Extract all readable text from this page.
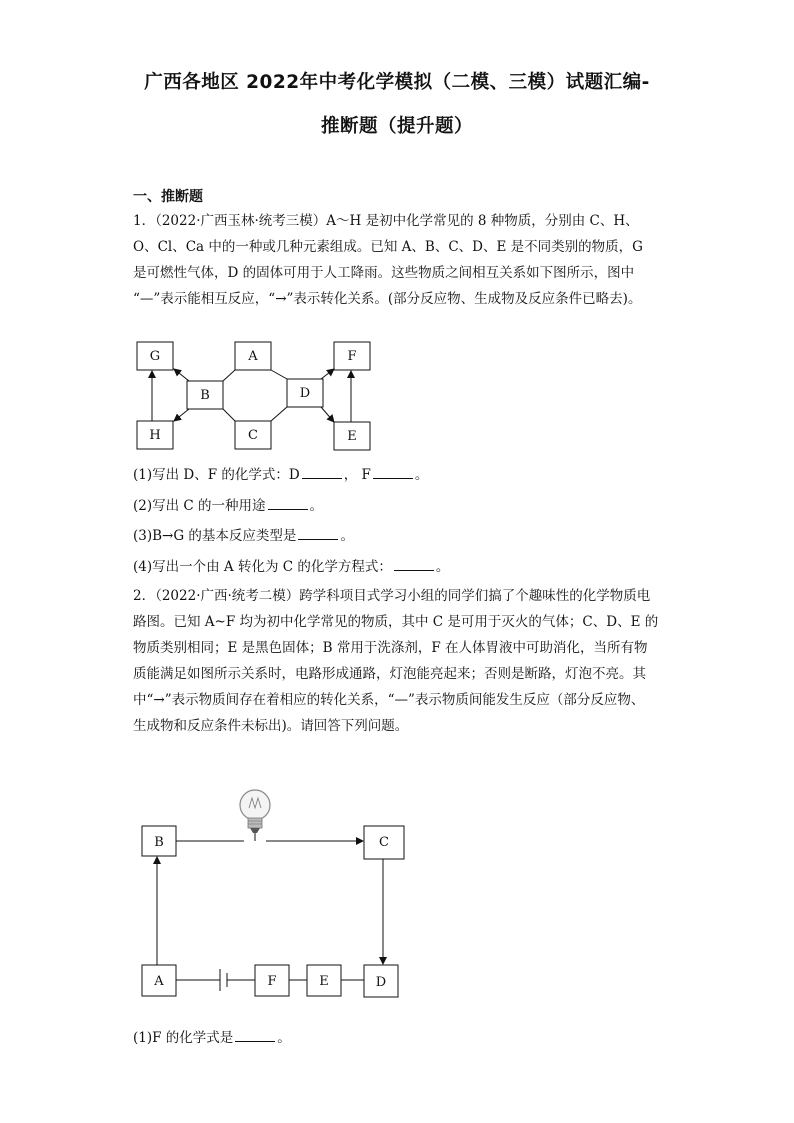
广西各地区 2022年中考化学模拟（二模、三模）试题汇编-
推断题（提升题）
一、推断题

1．（2022·广西玉林·统考三模）A～H 是初中化学常见的 8 种物质，分别由 C、H、
O、Cl、Ca 中的一种或几种元素组成。已知 A、B、C、D、E 是不同类别的物质，G
是可燃性气体，D 的固体可用于人工降雨。这些物质之间相互关系如下图所示，图中
“—”表示能相互反应，“→”表示转化关系。(部分反应物、生成物及反应条件已略去)。

G	A	F
B	D
H	C	E
B	C
A	F	E	D
(1)写出 D、F 的化学式：D	， F	。
(2)写出 C 的一种用途	。
(3)B→G 的基本反应类型是	。
(4)写出一个由 A 转化为 C 的化学方程式：	。

2．（2022·广西·统考二模）跨学科项目式学习小组的同学们搞了个趣味性的化学物质电
路图。已知 A~F 均为初中化学常见的物质，其中 C 是可用于灭火的气体；C、D、E 的
物质类别相同；E 是黑色固体；B 常用于洗涤剂，F 在人体胃液中可助消化，当所有物
质能满足如图所示关系时，电路形成通路，灯泡能亮起来；否则是断路，灯泡不亮。其
中“→”表示物质间存在着相应的转化关系，“—”表示物质间能发生反应（部分反应物、
生成物和反应条件未标出)。请回答下列问题。

(1)F 的化学式是	。
